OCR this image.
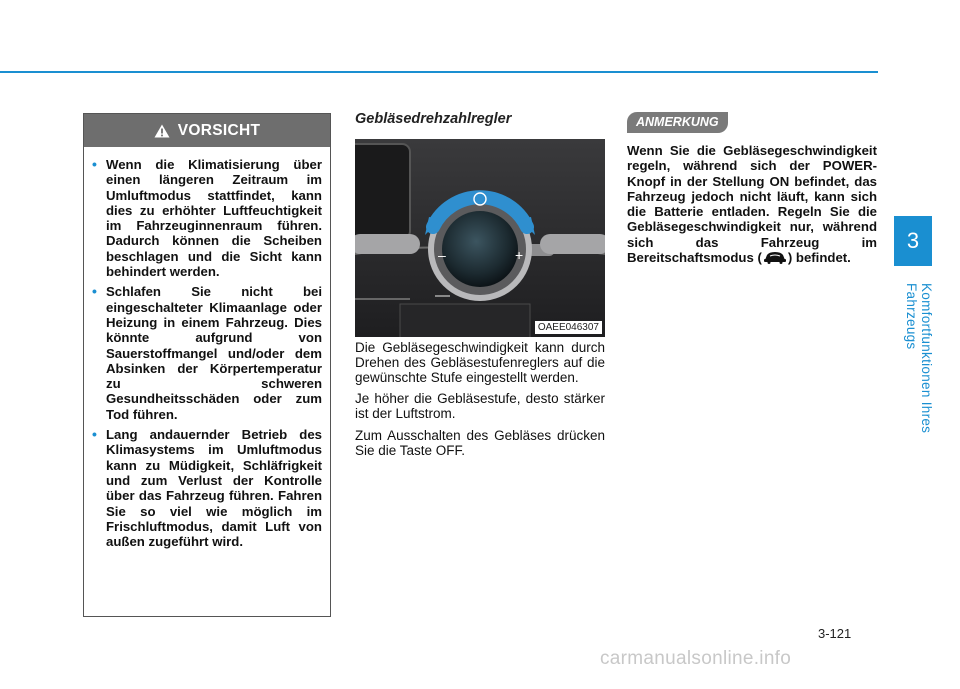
3
Komfortfunktionen Ihres Fahrzeugs
VORSICHT
• Wenn die Klimatisierung über einen längeren Zeitraum im Umluftmodus stattfindet, kann dies zu erhöhter Luftfeuchtigkeit im Fahrzeuginnenraum führen. Dadurch können die Scheiben beschlagen und die Sicht kann behindert werden.
• Schlafen Sie nicht bei eingeschalteter Klimaanlage oder Heizung in einem Fahrzeug. Dies könnte aufgrund von Sauerstoffmangel und/oder dem Absinken der Körpertemperatur zu schweren Gesundheitsschäden oder zum Tod führen.
• Lang andauernder Betrieb des Klimasystems im Umluftmodus kann zu Müdigkeit, Schläfrigkeit und zum Verlust der Kontrolle über das Fahrzeug führen. Fahren Sie so viel wie möglich im Frischluftmodus, damit Luft von außen zugeführt wird.
Gebläsedrehzahlregler
–	+
OAEE046307

Die Gebläsegeschwindigkeit kann durch Drehen des Gebläsestufenreglers auf die gewünschte Stufe eingestellt werden.

Je höher die Gebläsestufe, desto stärker ist der Luftstrom.

Zum Ausschalten des Gebläses drücken Sie die Taste OFF.

ANMERKUNG
Wenn Sie die Gebläsegeschwindigkeit regeln, während sich der POWER-Knopf in der Stellung ON befindet, das Fahrzeug jedoch nicht läuft, kann sich die Batterie entladen. Regeln Sie die Gebläsegeschwindigkeit nur, während sich das Fahrzeug im Bereitschaftsmodus ( ) befindet.
3-121
carmanualsonline.info
